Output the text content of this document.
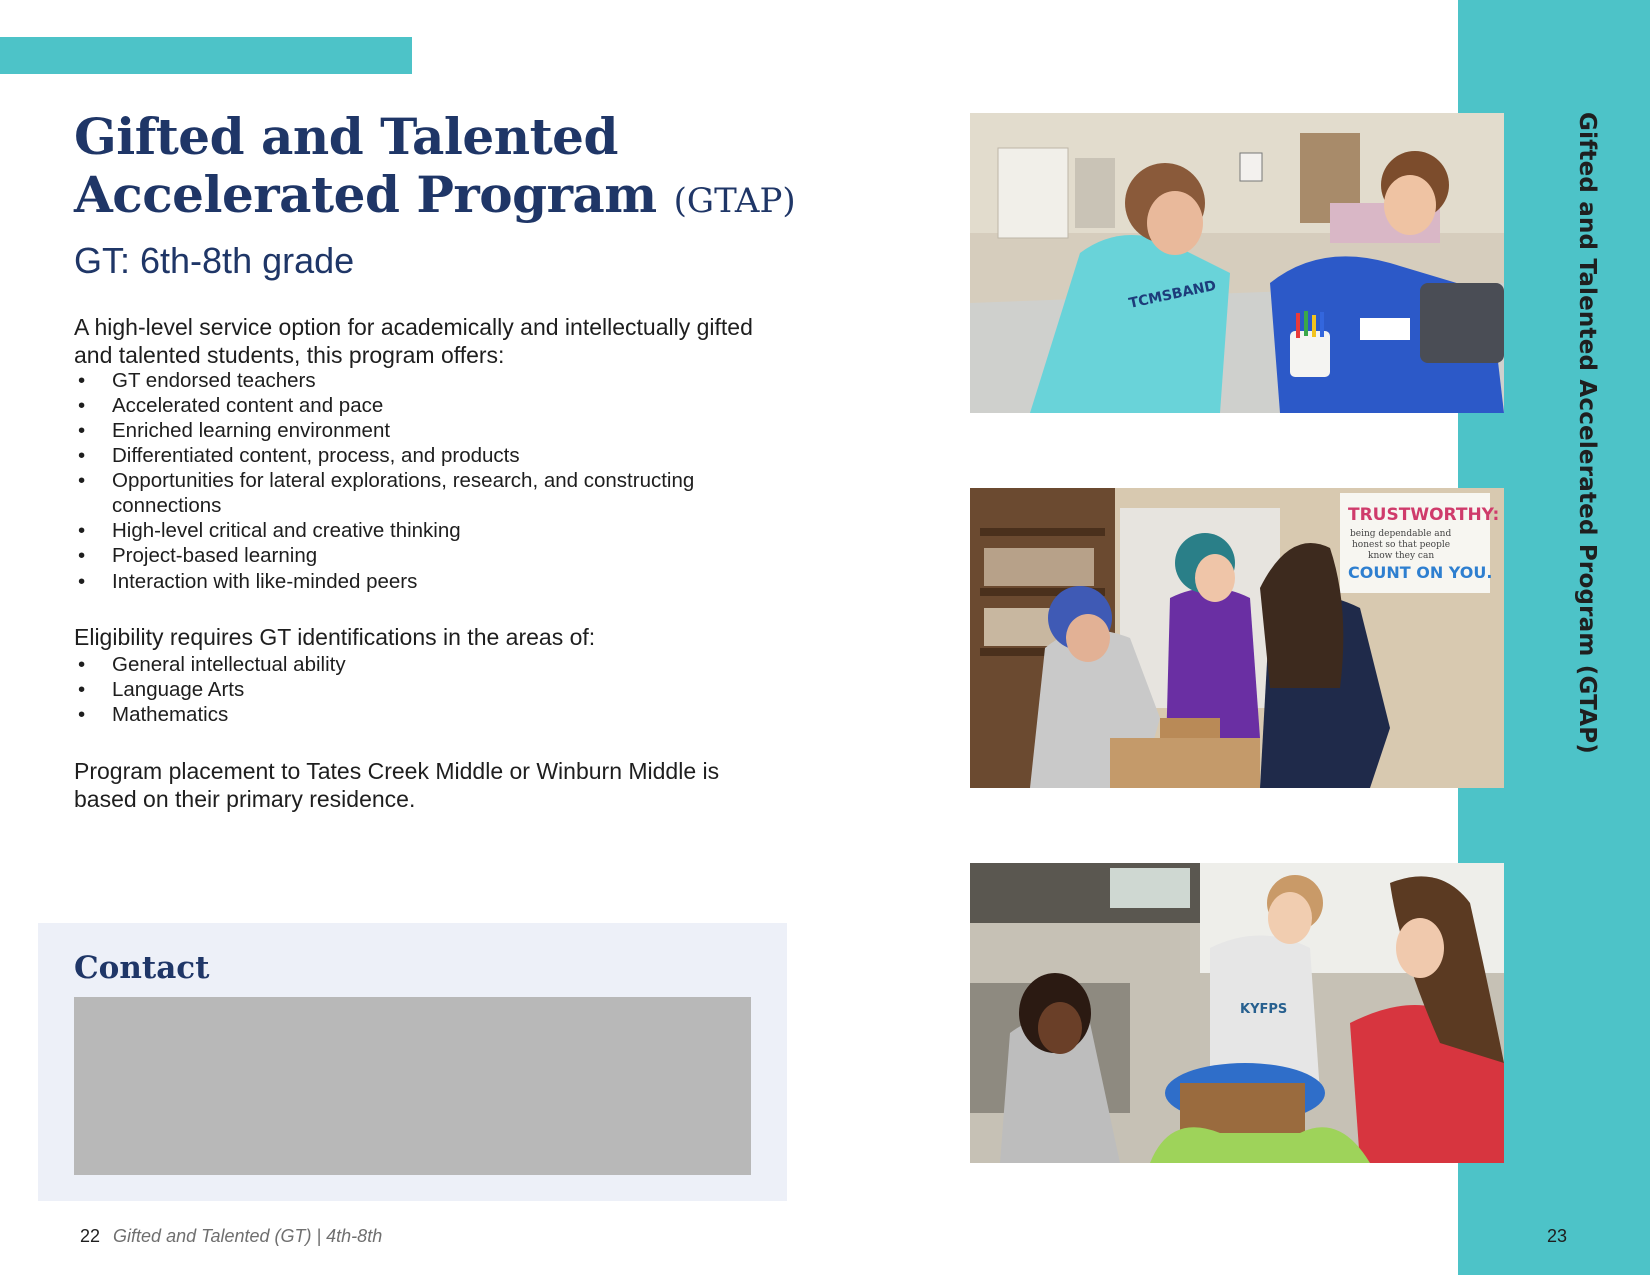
Gifted and Talented Accelerated Program (GTAP)
Gifted and Talented
Accelerated Program (GTAP)
GT: 6th-8th grade

A high-level service option for academically and intellectually gifted and talented students, this program offers:

• GT endorsed teachers
• Accelerated content and pace
• Enriched learning environment
• Differentiated content, process, and products
• Opportunities for lateral explorations, research, and constructing connections
• High-level critical and creative thinking
• Project-based learning
• Interaction with like-minded peers

Eligibility requires GT identifications in the areas of:

• General intellectual ability
• Language Arts
• Mathematics

Program placement to Tates Creek Middle or Winburn Middle is based on their primary residence.

Contact
22 Gifted and Talented (GT) | 4th-8th	23
TCMSBAND
TRUSTWORTHY:
being dependable and
honest so that people
know they can
COUNT ON YOU.
KYFPS
